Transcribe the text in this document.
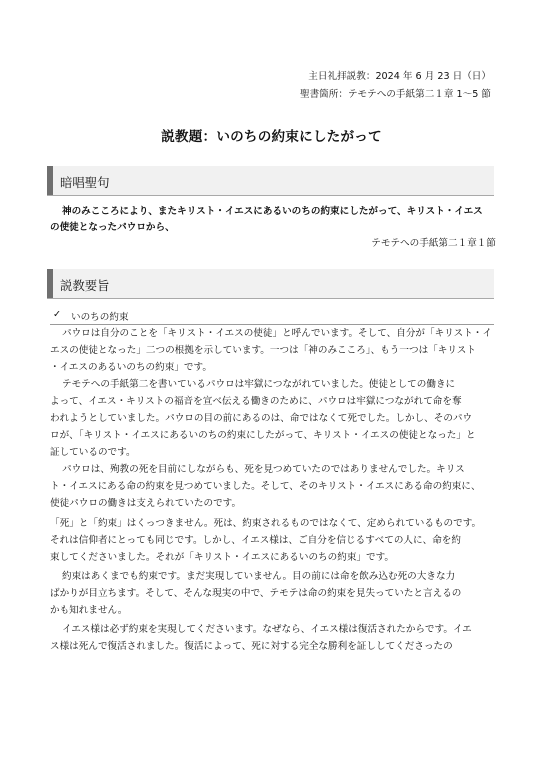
主日礼拝説教：2024 年 6 月 23 日（日）
聖書箇所：テモテへの手紙第二１章 1～5 節
説教題：いのちの約束にしたがって
暗唱聖句
神のみこころにより、またキリスト・イエスにあるいのちの約束にしたがって、キリスト・イエス
の使徒となったパウロから、
テモテへの手紙第二１章１節
説教要旨
✓ いのちの約束
パウロは自分のことを「キリスト・イエスの使徒」と呼んでいます。そして、自分が「キリスト・イ
エスの使徒となった」二つの根拠を示しています。一つは「神のみこころ」、もう一つは「キリスト
・イエスのあるいのちの約束」です。
テモテへの手紙第二を書いているパウロは牢獄につながれていました。使徒としての働きに
よって、イエス・キリストの福音を宣べ伝える働きのために、パウロは牢獄につながれて命を奪
われようとしていました。パウロの目の前にあるのは、命ではなくて死でした。しかし、そのパウ
ロが、「キリスト・イエスにあるいのちの約束にしたがって、キリスト・イエスの使徒となった」と
証しているのです。
パウロは、殉教の死を目前にしながらも、死を見つめていたのではありませんでした。キリス
ト・イエスにある命の約束を見つめていました。そして、そのキリスト・イエスにある命の約束に、
使徒パウロの働きは支えられていたのです。
「死」と「約束」はくっつきません。死は、約束されるものではなくて、定められているものです。
それは信仰者にとっても同じです。しかし、イエス様は、ご自分を信じるすべての人に、命を約
束してくださいました。それが「キリスト・イエスにあるいのちの約束」です。
約束はあくまでも約束です。まだ実現していません。目の前には命を飲み込む死の大きな力
ばかりが目立ちます。そして、そんな現実の中で、テモテは命の約束を見失っていたと言えるの
かも知れません。
イエス様は必ず約束を実現してくださいます。なぜなら、イエス様は復活されたからです。イエ
ス様は死んで復活されました。復活によって、死に対する完全な勝利を証ししてくださったの
